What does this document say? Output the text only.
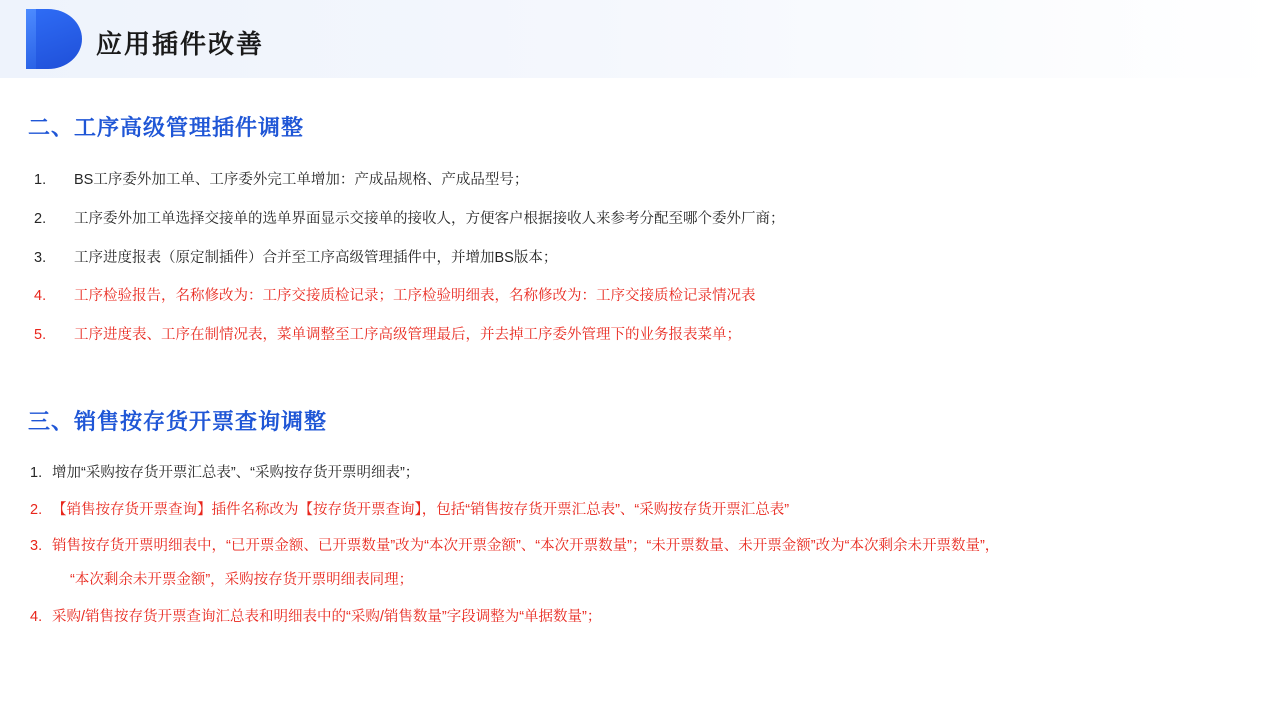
应用插件改善
二、工序高级管理插件调整
1.	BS工序委外加工单、工序委外完工单增加：产成品规格、产成品型号；
2.	工序委外加工单选择交接单的选单界面显示交接单的接收人，方便客户根据接收人来参考分配至哪个委外厂商；
3.	工序进度报表（原定制插件）合并至工序高级管理插件中，并增加BS版本；
4.	工序检验报告，名称修改为：工序交接质检记录；工序检验明细表，名称修改为：工序交接质检记录情况表
5.	工序进度表、工序在制情况表，菜单调整至工序高级管理最后，并去掉工序委外管理下的业务报表菜单；
三、销售按存货开票查询调整
1. 增加“采购按存货开票汇总表”、“采购按存货开票明细表”；
2. 【销售按存货开票查询】插件名称改为【按存货开票查询】，包括“销售按存货开票汇总表”、“采购按存货开票汇总表”
3. 销售按存货开票明细表中，“已开票金额、已开票数量”改为“本次开票金额”、“本次开票数量”；“未开票数量、未开票金额”改为“本次剩余未开票数量”，
“本次剩余未开票金额”，采购按存货开票明细表同理；
4. 采购/销售按存货开票查询汇总表和明细表中的“采购/销售数量”字段调整为“单据数量”；
